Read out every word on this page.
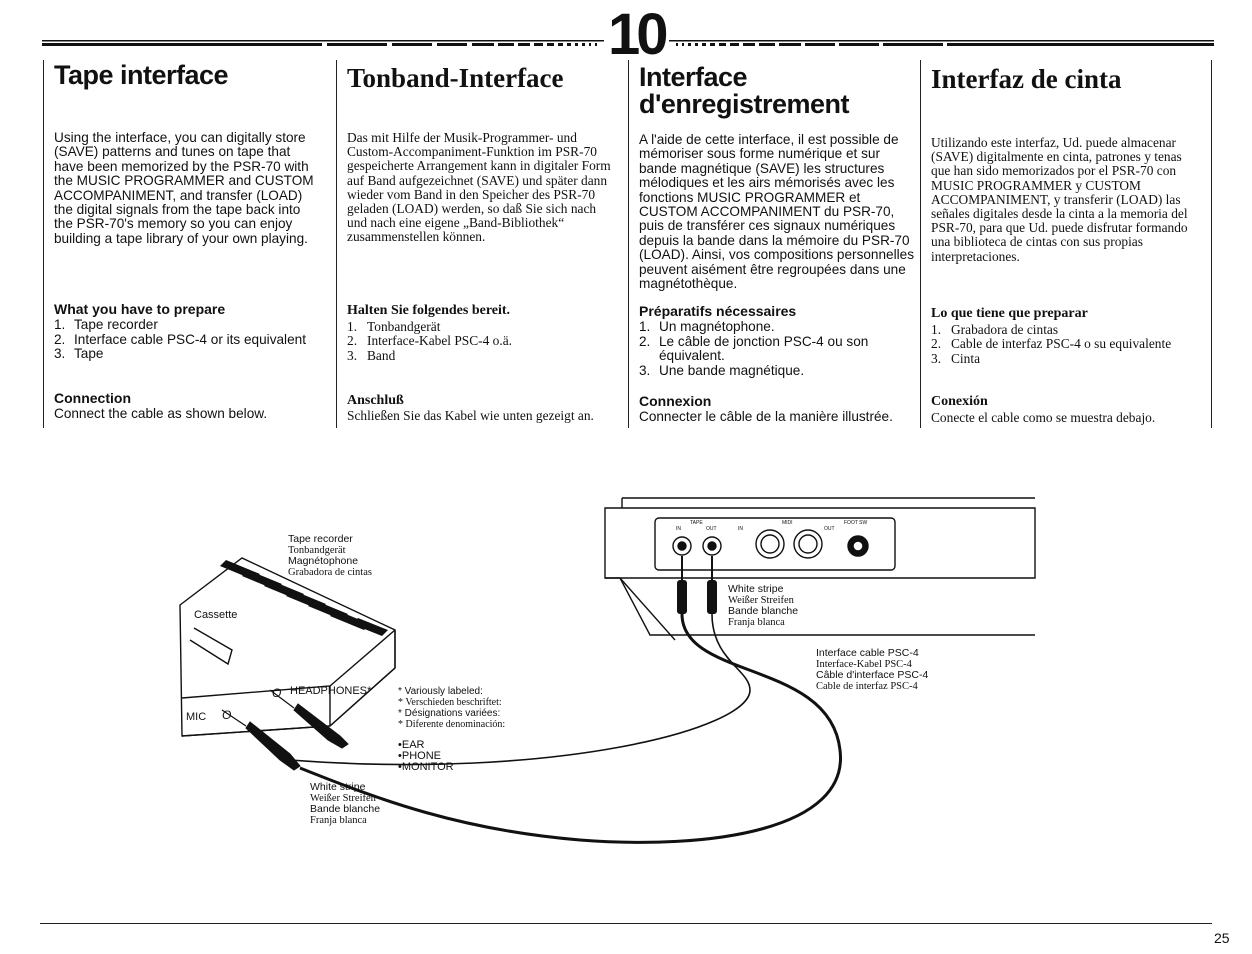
10
Tape interface

Using the interface, you can digitally store (SAVE) patterns and tunes on tape that have been memorized by the PSR-70 with the MUSIC PROGRAMMER and CUSTOM ACCOMPANIMENT, and transfer (LOAD) the digital signals from the tape back into the PSR-70's memory so you can enjoy building a tape library of your own playing.

What you have to prepare
1. Tape recorder
2. Interface cable PSC-4 or its equivalent
3. Tape
Connection

Connect the cable as shown below.

Tonband-Interface

Das mit Hilfe der Musik-Programmer- und Custom-Accompaniment-Funktion im PSR-70 gespeicherte Arrangement kann in digitaler Form auf Band aufgezeichnet (SAVE) und später dann wieder vom Band in den Speicher des PSR-70 geladen (LOAD) werden, so daß Sie sich nach und nach eine eigene „Band-Bibliothek“ zusammenstellen können.

Halten Sie folgendes bereit.
1. Tonbandgerät
2. Interface-Kabel PSC-4 o.ä.
3. Band
Anschluß

Schließen Sie das Kabel wie unten gezeigt an.

Interface d'enregistrement

A l'aide de cette interface, il est possible de mémoriser sous forme numérique et sur bande magnétique (SAVE) les structures mélodiques et les airs mémorisés avec les fonctions MUSIC PROGRAMMER et CUSTOM ACCOMPANIMENT du PSR-70, puis de transférer ces signaux numériques depuis la bande dans la mémoire du PSR-70 (LOAD). Ainsi, vos compositions personnelles peuvent aisément être regroupées dans une magnétothèque.

Préparatifs nécessaires
1. Un magnétophone.
2. Le câble de jonction PSC-4 ou son équivalent.
3. Une bande magnétique.
Connexion

Connecter le câble de la manière illustrée.

Interfaz de cinta

Utilizando este interfaz, Ud. puede almacenar (SAVE) digitalmente en cinta, patrones y tenas que han sido memorizados por el PSR-70 con MUSIC PROGRAMMER y CUSTOM ACCOMPANIMENT, y transferir (LOAD) las señales digitales desde la cinta a la memoria del PSR-70, para que Ud. puede disfrutar formando una biblioteca de cintas con sus propias interpretaciones.

Lo que tiene que preparar
1. Grabadora de cintas
2. Cable de interfaz PSC-4 o su equivalente
3. Cinta
Conexión

Conecte el cable como se muestra debajo.

TAPE
IN	OUT
MIDI
IN	OUT
FOOT SW
Tape recorder
Tonbandgerät
Magnétophone
Grabadora de cintas
Cassette
HEADPHONES*
O
MIC O
* Variously labeled:
* Verschieden beschriftet:
* Désignations variées:
* Diferente denominación:
•EAR
•PHONE
•MONITOR
White stripe
Weißer Streifen
Bande blanche
Franja blanca
White stripe
Weißer Streifen
Bande blanche
Franja blanca
Interface cable PSC-4
Interface-Kabel PSC-4
Câble d'interface PSC-4
Cable de interfaz PSC-4
25
